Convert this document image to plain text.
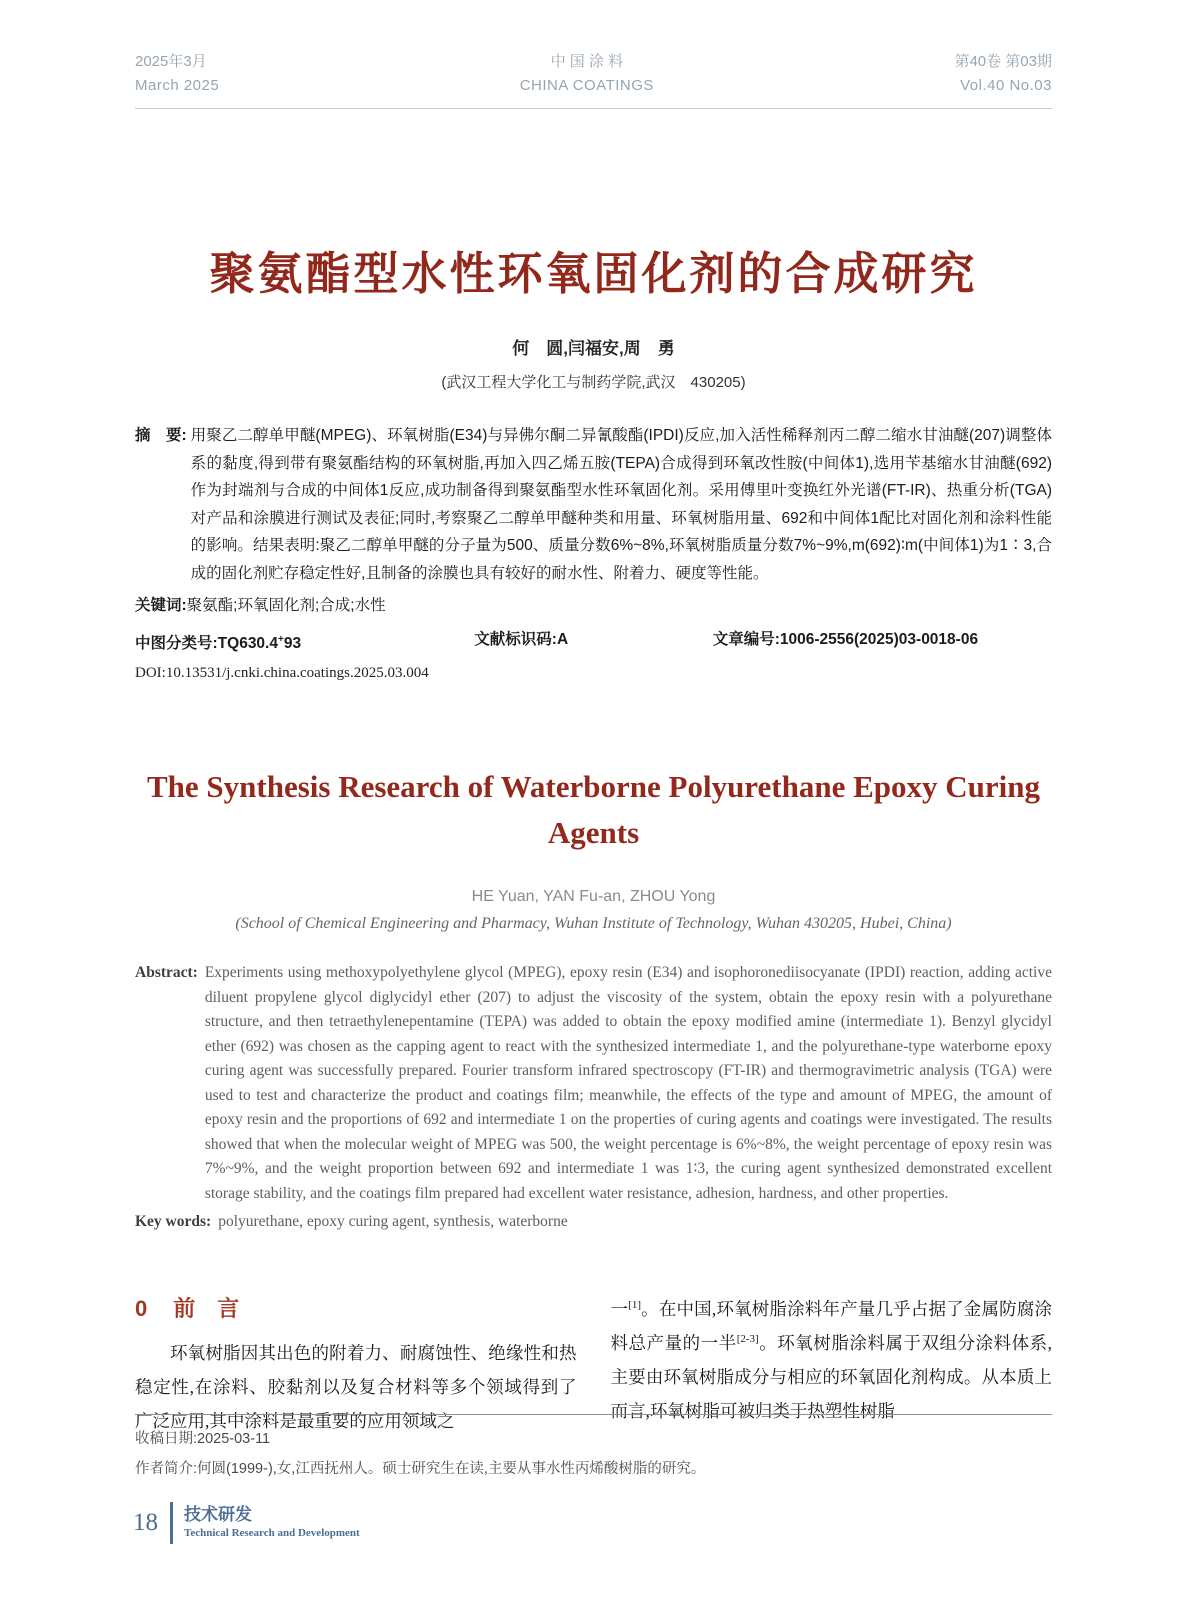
2025年3月
March 2025
中 国 涂 料
CHINA COATINGS
第40卷 第03期
Vol.40 No.03
聚氨酯型水性环氧固化剂的合成研究
何　圆,闫福安,周　勇
(武汉工程大学化工与制药学院,武汉　430205)
摘　要: 用聚乙二醇单甲醚(MPEG)、环氧树脂(E34)与异佛尔酮二异氰酸酯(IPDI)反应,加入活性稀释剂丙二醇二缩水甘油醚(207)调整体系的黏度,得到带有聚氨酯结构的环氧树脂,再加入四乙烯五胺(TEPA)合成得到环氧改性胺(中间体1),选用苄基缩水甘油醚(692)作为封端剂与合成的中间体1反应,成功制备得到聚氨酯型水性环氧固化剂。采用傅里叶变换红外光谱(FT-IR)、热重分析(TGA)对产品和涂膜进行测试及表征;同时,考察聚乙二醇单甲醚种类和用量、环氧树脂用量、692和中间体1配比对固化剂和涂料性能的影响。结果表明:聚乙二醇单甲醚的分子量为500、质量分数6%~8%,环氧树脂质量分数7%~9%,m(692)∶m(中间体1)为1∶3,合成的固化剂贮存稳定性好,且制备的涂膜也具有较好的耐水性、附着力、硬度等性能。
关键词:聚氨酯;环氧固化剂;合成;水性
中图分类号:TQ630.4+93	文献标识码:A	文章编号:1006-2556(2025)03-0018-06
DOI:10.13531/j.cnki.china.coatings.2025.03.004
The Synthesis Research of Waterborne Polyurethane Epoxy Curing Agents
HE Yuan, YAN Fu-an, ZHOU Yong
(School of Chemical Engineering and Pharmacy, Wuhan Institute of Technology, Wuhan 430205, Hubei, China)
Abstract: Experiments using methoxypolyethylene glycol (MPEG), epoxy resin (E34) and isophoronediisocyanate (IPDI) reaction, adding active diluent propylene glycol diglycidyl ether (207) to adjust the viscosity of the system, obtain the epoxy resin with a polyurethane structure, and then tetraethylenepentamine (TEPA) was added to obtain the epoxy modified amine (intermediate 1). Benzyl glycidyl ether (692) was chosen as the capping agent to react with the synthesized intermediate 1, and the polyurethane-type waterborne epoxy curing agent was successfully prepared. Fourier transform infrared spectroscopy (FT-IR) and thermogravimetric analysis (TGA) were used to test and characterize the product and coatings film; meanwhile, the effects of the type and amount of MPEG, the amount of epoxy resin and the proportions of 692 and intermediate 1 on the properties of curing agents and coatings were investigated. The results showed that when the molecular weight of MPEG was 500, the weight percentage is 6%~8%, the weight percentage of epoxy resin was 7%~9%, and the weight proportion between 692 and intermediate 1 was 1∶3, the curing agent synthesized demonstrated excellent storage stability, and the coatings film prepared had excellent water resistance, adhesion, hardness, and other properties.
Key words: polyurethane, epoxy curing agent, synthesis, waterborne
0 前　言

环氧树脂因其出色的附着力、耐腐蚀性、绝缘性和热稳定性,在涂料、胶黏剂以及复合材料等多个领域得到了广泛应用,其中涂料是最重要的应用领域之

一[1]。在中国,环氧树脂涂料年产量几乎占据了金属防腐涂料总产量的一半[2-3]。环氧树脂涂料属于双组分涂料体系,主要由环氧树脂成分与相应的环氧固化剂构成。从本质上而言,环氧树脂可被归类于热塑性树脂

收稿日期:2025-03-11
作者简介:何圆(1999-),女,江西抚州人。硕士研究生在读,主要从事水性丙烯酸树脂的研究。
18 技术研发
Technical Research and Development
